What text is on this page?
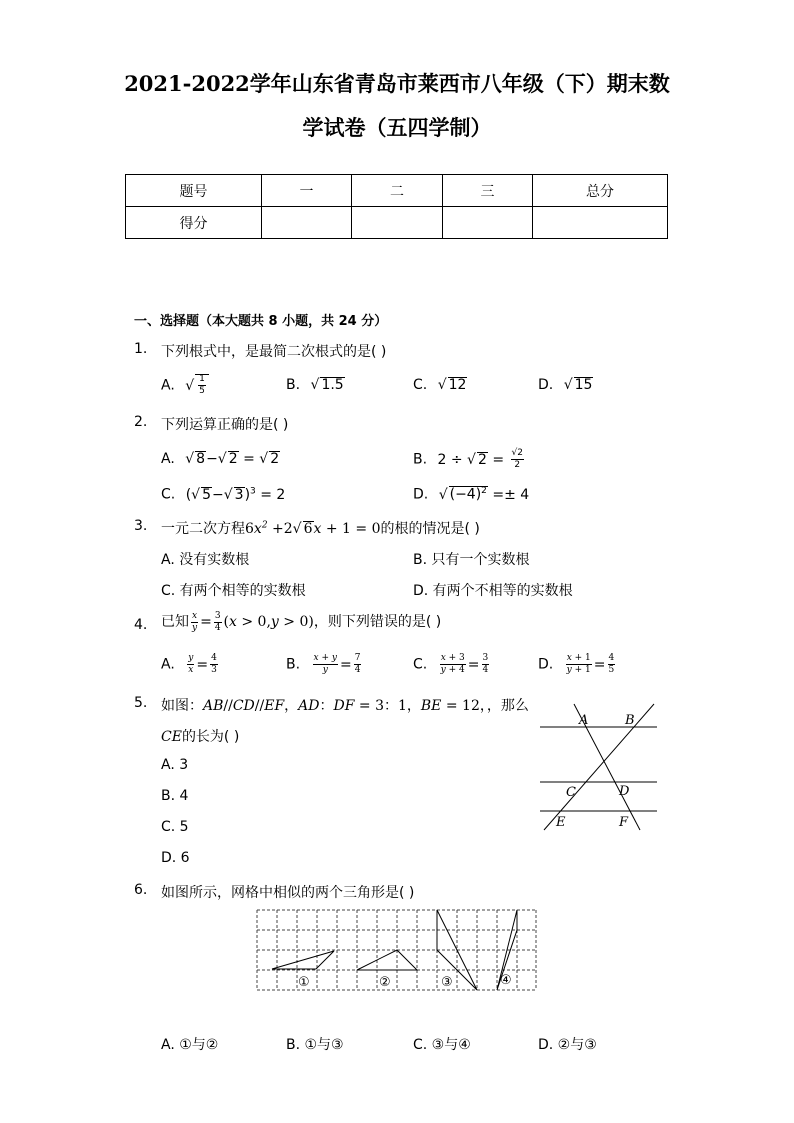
2021-2022学年山东省青岛市莱西市八年级（下）期末数
学试卷（五四学制）
题号	一	二	三	总分
得分				
一、选择题（本大题共 8 小题，共 24 分）
1. 下列根式中，是最简二次根式的是( )
A. √ $\frac{1}{5}$	B. √ 1.5	C. √ 12	D. √ 15
2. 下列运算正确的是( )
A. √ 8−√ 2 = √ 2	B. 2 ÷ √ $2 = \frac{√2}{2}$
C. (√ 5−√ 3)$^3$ = 2	D. √ $(-4)^2 =\pm 4$
3. 一元二次方程$6x^2 +2√$ 6x + 1 = 0的根的情况是( )
A. 没有实数根	B. 只有一个实数根
C. 有两个相等的实数根	D. 有两个不相等的实数根
4. 已知 $\frac{x}{y} = \frac{3}{4} (x > 0,y > 0)$，则下列错误的是( )
A. $\frac{y}{x} = \frac{4}{3}$	B. $\frac{x + y}{y} = \frac{7}{4}$	C. $\frac{x + 3}{y + 4} = \frac{3}{4}$	D. $\frac{x + 1}{y + 1} = \frac{4}{5}$
5. 如图：AB//CD//EF，AD：DF = 3：1，BE = 12，，那么
CE的长为( )
A. 3
B. 4
C. 5
D. 6
A	B
C	D
E	F
6. 如图所示，网格中相似的两个三角形是( )
①	②	③	④
A. ①与②	B. ①与③	C. ③与④	D. ②与③
